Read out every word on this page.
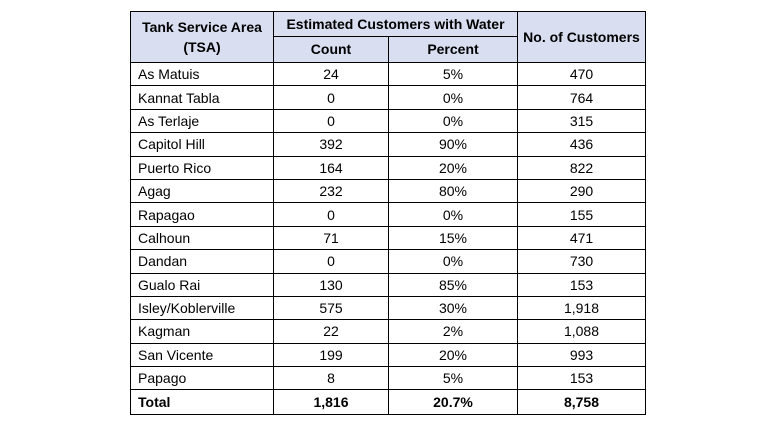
Tank Service Area (TSA)	Estimated Customers with Water		No. of Customers
	Count	Percent	
As Matuis	24	5%	470
Kannat Tabla	0	0%	764
As Terlaje	0	0%	315
Capitol Hill	392	90%	436
Puerto Rico	164	20%	822
Agag	232	80%	290
Rapagao	0	0%	155
Calhoun	71	15%	471
Dandan	0	0%	730
Gualo Rai	130	85%	153
Isley/Koblerville	575	30%	1,918
Kagman	22	2%	1,088
San Vicente	199	20%	993
Papago	8	5%	153
Total	1,816	20.7%	8,758
